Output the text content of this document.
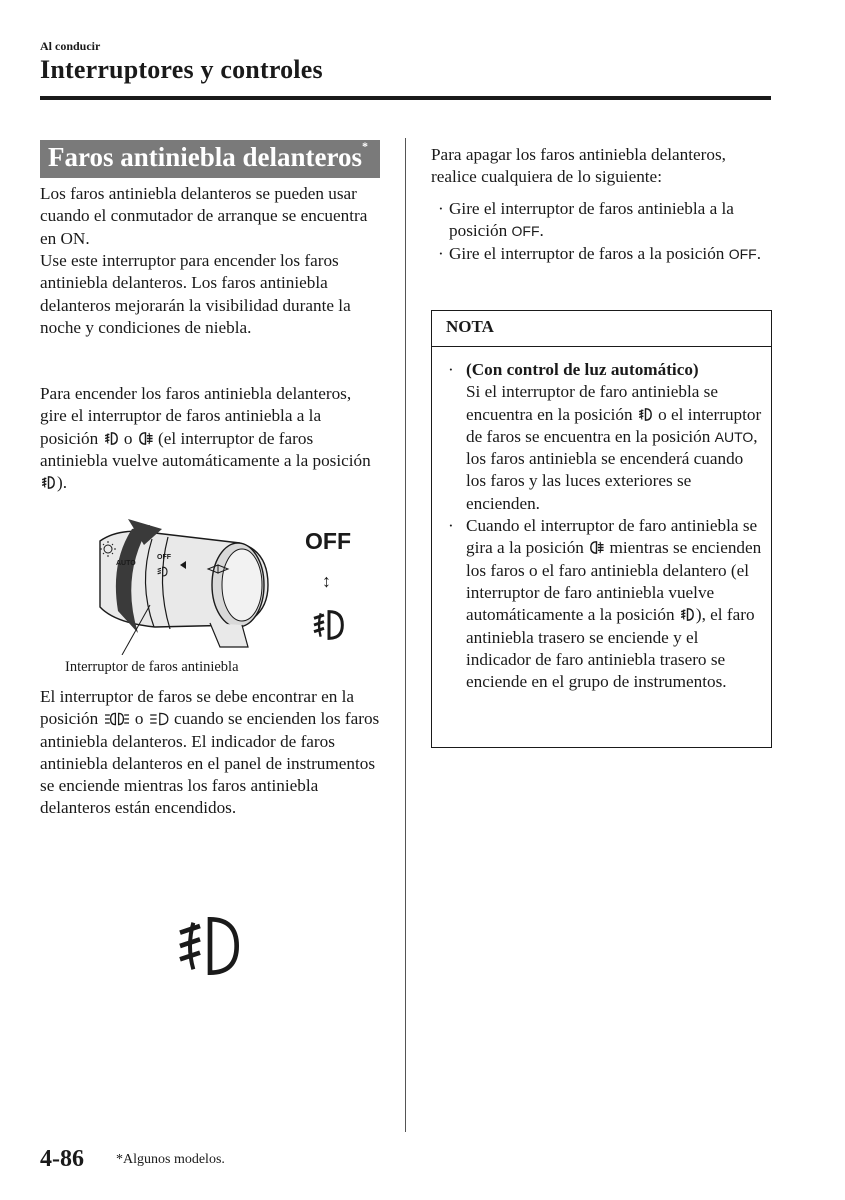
Al conducir
Interruptores y controles
Faros antiniebla delanteros*
Los faros antiniebla delanteros se pueden usar cuando el conmutador de arranque se encuentra en ON.
Use este interruptor para encender los faros antiniebla delanteros. Los faros antiniebla delanteros mejorarán la visibilidad durante la noche y condiciones de niebla.
Para encender los faros antiniebla delanteros, gire el interruptor de faros antiniebla a la posición  o  (el interruptor de faros antiniebla vuelve automáticamente a la posición ).
OFF
AUTO
OFF
↕
Interruptor de faros antiniebla
El interruptor de faros se debe encontrar en la posición  o  cuando se encienden los faros antiniebla delanteros. El indicador de faros antiniebla delanteros en el panel de instrumentos se enciende mientras los faros antiniebla delanteros están encendidos.
Para apagar los faros antiniebla delanteros, realice cualquiera de lo siguiente:
· Gire el interruptor de faros antiniebla a la posición OFF.
· Gire el interruptor de faros a la posición OFF.
NOTA
· (Con control de luz automático)
Si el interruptor de faro antiniebla se encuentra en la posición  o el interruptor de faros se encuentra en la posición AUTO, los faros antiniebla se encenderá cuando los faros y las luces exteriores se encienden.
· Cuando el interruptor de faro antiniebla se gira a la posición  mientras se encienden los faros o el faro antiniebla delantero (el interruptor de faro antiniebla vuelve automáticamente a la posición ), el faro antiniebla trasero se enciende y el indicador de faro antiniebla trasero se enciende en el grupo de instrumentos.
4-86 *Algunos modelos.
